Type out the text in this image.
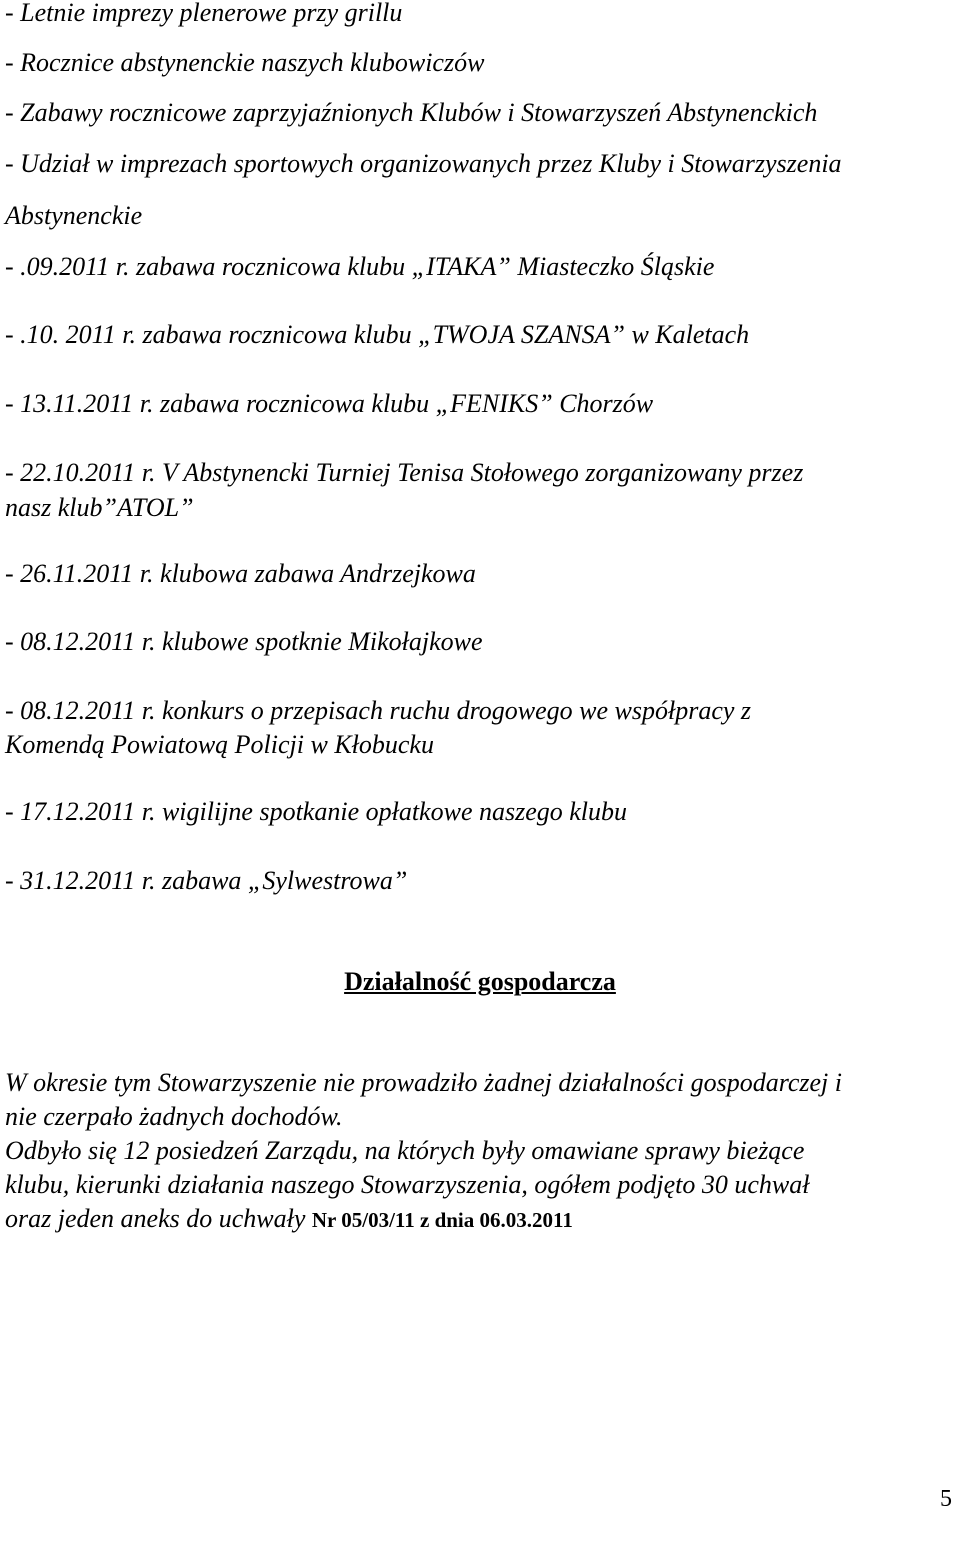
- Letnie imprezy plenerowe przy grillu
- Rocznice abstynenckie naszych klubowiczów
- Zabawy rocznicowe zaprzyjaźnionych Klubów i Stowarzyszeń Abstynenckich
- Udział w imprezach sportowych organizowanych przez Kluby i Stowarzyszenia
Abstynenckie
- .09.2011 r. zabawa rocznicowa klubu „ITAKA” Miasteczko Śląskie
- .10. 2011 r. zabawa rocznicowa klubu „TWOJA SZANSA” w Kaletach
- 13.11.2011 r. zabawa rocznicowa klubu „FENIKS” Chorzów
- 22.10.2011 r. V Abstynencki Turniej Tenisa Stołowego zorganizowany przez
nasz klub”ATOL”
- 26.11.2011 r. klubowa zabawa Andrzejkowa
- 08.12.2011 r. klubowe spotknie Mikołajkowe
- 08.12.2011 r. konkurs o przepisach ruchu drogowego we współpracy z
Komendą Powiatową Policji w Kłobucku
- 17.12.2011 r. wigilijne spotkanie opłatkowe naszego klubu
- 31.12.2011 r. zabawa „Sylwestrowa”
Działalność gospodarcza
W okresie tym Stowarzyszenie nie prowadziło żadnej działalności gospodarczej i
nie czerpało żadnych dochodów.
Odbyło się 12 posiedzeń Zarządu, na których były omawiane sprawy bieżące
klubu, kierunki działania naszego Stowarzyszenia, ogółem podjęto 30 uchwał
oraz jeden aneks do uchwały Nr 05/03/11 z dnia 06.03.2011
5
